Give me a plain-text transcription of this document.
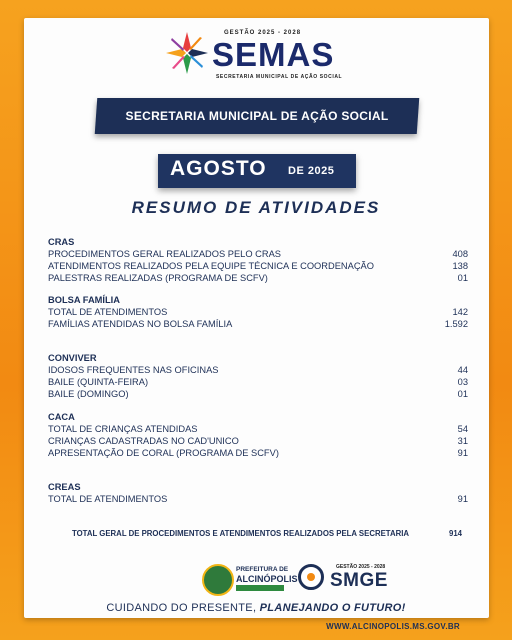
GESTÃO 2025 - 2028
SEMAS
SECRETARIA MUNICIPAL DE AÇÃO SOCIAL
SECRETARIA MUNICIPAL DE AÇÃO SOCIAL
AGOSTO DE 2025
RESUMO DE ATIVIDADES
CRAS
PROCEDIMENTOS GERAL REALIZADOS PELO CRAS	408
ATENDIMENTOS REALIZADOS PELA EQUIPE TÉCNICA E COORDENAÇÃO	138
PALESTRAS REALIZADAS (PROGRAMA DE SCFV)	01
BOLSA FAMÍLIA
TOTAL DE ATENDIMENTOS	142
FAMÍLIAS ATENDIDAS NO BOLSA FAMÍLIA	1.592
CONVIVER
IDOSOS FREQUENTES NAS OFICINAS	44
BAILE (QUINTA-FEIRA)	03
BAILE (DOMINGO)	01
CACA
TOTAL DE CRIANÇAS ATENDIDAS	54
CRIANÇAS CADASTRADAS NO CAD'UNICO	31
APRESENTAÇÃO DE CORAL (PROGRAMA DE SCFV)	91
CREAS
TOTAL DE ATENDIMENTOS	91
TOTAL GERAL DE PROCEDIMENTOS E ATENDIMENTOS REALIZADOS PELA SECRETARIA	914
PREFEITURA DE
ALCINÓPOLIS
GESTÃO 2025 - 2028
SMGE
CUIDANDO DO PRESENTE, PLANEJANDO O FUTURO!
WWW.ALCINOPOLIS.MS.GOV.BR
